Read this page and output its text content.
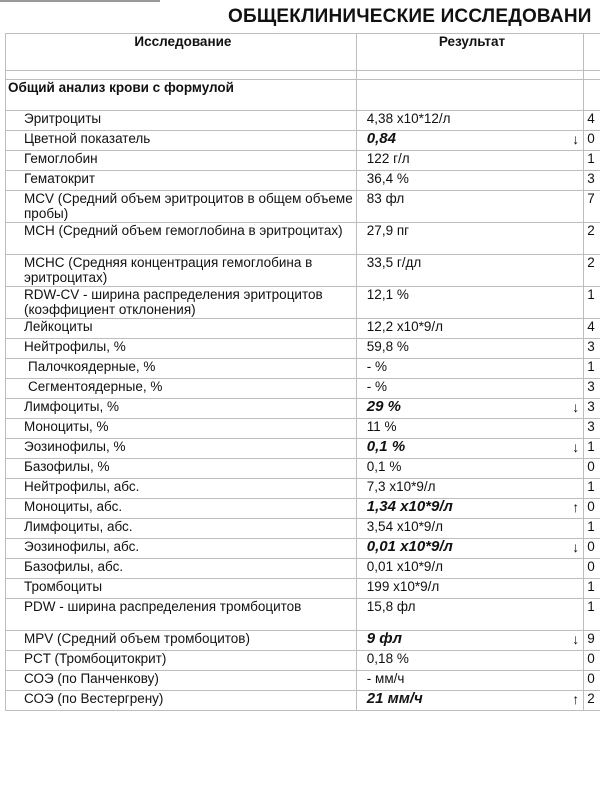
ОБЩЕКЛИНИЧЕСКИЕ ИССЛЕДОВАНИ
Исследование	Результат	

Общий анализ крови с формулой		
Эритроциты	4,38 x10*12/л	4
Цветной показатель	0,84 ↓	0
Гемоглобин	122 г/л	1
Гематокрит	36,4 %	3
MCV (Средний объем эритроцитов в общем объеме пробы)	83 фл	7
MCH (Средний объем гемоглобина в эритроцитах)	27,9 пг	2
MCHC (Средняя концентрация гемоглобина в эритроцитах)	33,5 г/дл	2
RDW-CV - ширина распределения эритроцитов (коэффициент отклонения)	12,1 %	1
Лейкоциты	12,2 x10*9/л	4
Нейтрофилы, %	59,8 %	3
Палочкоядерные, %	- %	1
Сегментоядерные, %	- %	3
Лимфоциты, %	29 % ↓	3
Моноциты, %	11 %	3
Эозинофилы, %	0,1 % ↓	1
Базофилы, %	0,1 %	0
Нейтрофилы, абс.	7,3 x10*9/л	1
Моноциты, абс.	1,34 x10*9/л ↑	0
Лимфоциты, абс.	3,54 x10*9/л	1
Эозинофилы, абс.	0,01 x10*9/л ↓	0
Базофилы, абс.	0,01 x10*9/л	0
Тромбоциты	199 x10*9/л	1
PDW - ширина распределения тромбоцитов	15,8 фл	1
MPV (Средний объем тромбоцитов)	9 фл ↓	9
PCT (Тромбоцитокрит)	0,18 %	0
СОЭ (по Панченкову)	- мм/ч	0
СОЭ (по Вестергрену)	21 мм/ч ↑	2
